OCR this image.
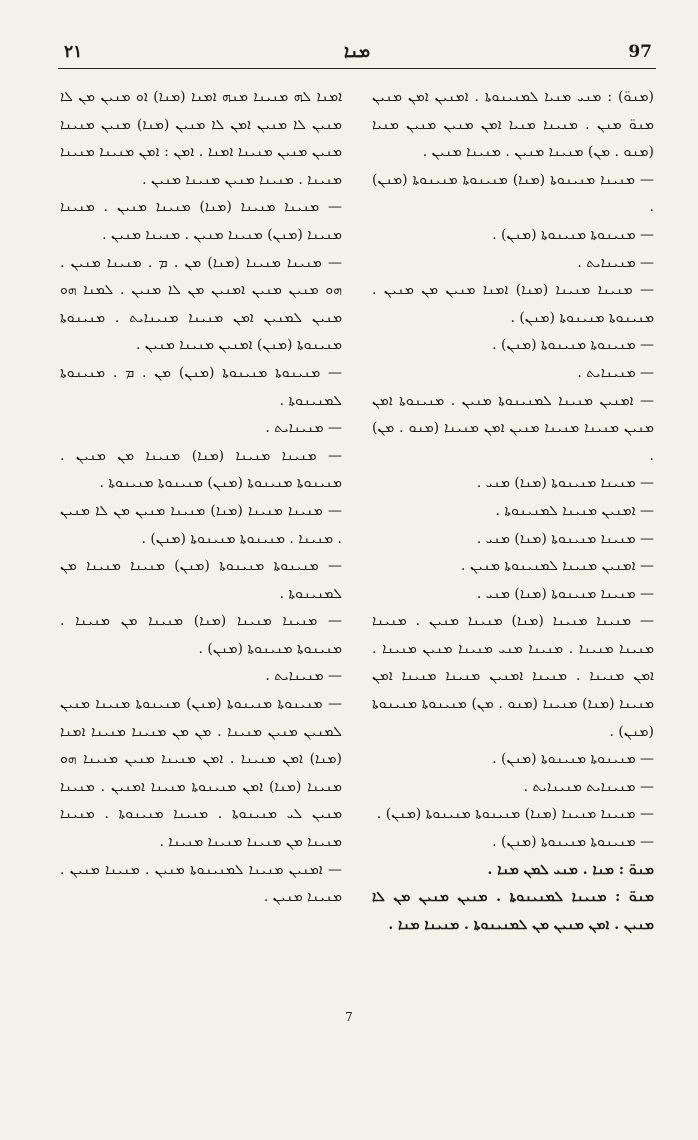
٢١	ܡܢܐ	97
(ܡܢܘ̈) : ܡܢܝ ܡܢܝܐ ܠܡܢܝܢܘܬܐ . ܐܡܢܝܢ ܐܡܢ ܡܢܝܢ ܡܢܘ̈ ܡܢܢ . ܡܢܝܢܐ ܡܢܝܐ ܐܡܢ ܡܢܝܢ ܡܢܝܢ ܡܢܝܐ (ܡܢܘ . ܡܢ) ܡܢܝܢܐ ܡܢܝܢ . ܡܢܝܢܐ ܡܢܝܢ .
— ܡܢܝܢܐ ܡܢܝܢܘܬܐ (ܡܢܐ) ܡܢܝܢܘܬܐ ܡܢܝܢܘܬܐ (ܡܢܢ) .
— ܡܢܝܢܘܬܐ ܡܢܝܢܘܬܐ (ܡܢܢ) .
— ܡܢܝܢܐܝܬ .
— ܡܢܝܢܐ ܡܢܝܢܐ (ܡܢܐ) ܐܡܢܐ ܡܢܝܢ ܡܢ ܡܢܝܢ . ܡܢܝܢܘܬܐ ܡܢܝܢܘܬܐ (ܡܢܢ) .
— ܡܢܝܢܘܬܐ ܡܢܝܢܘܬܐ (ܡܢܢ) .
— ܡܢܝܢܐܝܬ .
— ܐܡܢܝܢ ܡܢܝܢܐ ܠܡܢܝܢܘܬܐ ܡܢܝܢ . ܡܢܝܢܘܬܐ ܐܡܢ ܡܢܝܢ ܡܢܝܢܐ ܡܢܝܢܐ ܡܢܝܢ ܐܡܢ ܡܢܝܢܐ (ܡܢܘ . ܡܢ) .
— ܡܢܝܢܐ ܡܢܝܢܘܬܐ (ܡܢܐ) ܡܢܝ .
— ܐܡܢܝܢ ܡܢܝܢܐ ܠܡܢܝܢܘܬܐ .
— ܡܢܝܢܐ ܡܢܝܢܘܬܐ (ܡܢܐ) ܡܢܝ .
— ܐܡܢܝܢ ܡܢܝܢܐ ܠܡܢܝܢܘܬܐ ܡܢܝܢ .
— ܡܢܝܢܐ ܡܢܝܢܘܬܐ (ܡܢܐ) ܡܢܝ .
— ܡܢܝܢܐ ܡܢܝܢܐ (ܡܢܐ) ܡܢܝܢܐ ܡܢܝܢ . ܡܢܝܢܐ ܡܢܝܢܐ ܡܢܝܢܐ . ܡܢܝܢܐ ܡܢܝ ܡܢܝܢܐ ܡܢܝܢ ܡܢܝܢܐ . ܐܡܢ ܡܢܝܢܐ . ܡܢܝܢܐ ܐܡܢܝܢ ܡܢܝܢܐ ܡܢܝܢܐ ܐܡܢ ܡܢܝܢܐ (ܡܢܐ) ܡܢܝܢܐ (ܡܢܘ . ܡܢ) ܡܢܝܢܘܬܐ ܡܢܝܢܘܬܐ (ܡܢܢ) .
— ܡܢܝܢܘܬܐ ܡܢܝܢܘܬܐ (ܡܢܢ) .
— ܡܢܝܢܐܝܬ ܡܢܝܢܐܝܬ .
— ܡܢܝܢܐ ܡܢܝܢܐ (ܡܢܐ) ܡܢܝܢܘܬܐ ܡܢܝܢܘܬܐ (ܡܢܢ) .
— ܡܢܝܢܘܬܐ ܡܢܝܢܘܬܐ (ܡܢܢ) .
ܡܢܘ̈ : ܡܢܐ . ܡܢܝ ܠܡܢ ܡܢܐ .
ܡܢܘ̈ : ܡܢܝܢܐ ܠܡܢܝܢܘܬܐ . ܡܢܝܢ ܡܢܝܢ ܡܢ ܠܐ ܡܢܝܢ . ܐܡܢ ܡܢܝܢ ܡܢ ܠܡܢܝܢܘܬܐ . ܡܢܝܢܐ ܡܢܐ .
ܐܡܢܐ ܠܗ ܡܢܝܢܐ ܡܢܗ ܐܡܢܐ (ܡܢܐ) ܐܘ ܡܢܝܢ ܡܢ ܠܐ ܡܢܝܢ ܠܐ ܡܢܝܢ ܐܡܢ ܠܐ ܡܢܝܢ (ܡܢܐ) ܡܢܝܢ ܡܢܝܢܐ ܡܢܝܢ ܡܢܝܢ ܡܢܝܢܐ ܐܡܢܐ . ܐܡܢ : ܐܡܢ ܡܢܝܢܐ ܡܢܝܢܐ ܡܢܝܢܐ . ܡܢܝܢܐ ܡܢܝܢ ܡܢܝܢܐ ܡܢܝܢ .
— ܡܢܝܢܐ ܡܢܝܢܐ (ܡܢܐ) ܡܢܝܢܐ ܡܢܝܢ . ܡܢܝܢܐ ܡܢܝܢܐ (ܡܢܢ) ܡܢܝܢܐ ܡܢܝܢ . ܡܢܝܢܐ ܡܢܝܢ .
— ܡܢܝܢܐ ܡܢܝܢܐ (ܡܢܐ) ܡܢ . ܡ . ܡܢܝܢܐ ܡܢܝܢ . ܗܘ ܡܢܝܢ ܡܢܝܢ ܐܡܢܝܢ ܡܢ ܠܐ ܡܢܝܢ . ܠܡܢܐ ܗܘ ܡܢܝܢ ܠܡܢܝܢ ܐܡܢ ܡܢܝܢܐ ܡܢܝܢܐܝܬ . ܡܢܝܢܘܬܐ ܡܢܝܢܘܬܐ (ܡܢܢ) ܐܡܢܝܢ ܡܢܝܢܐ ܡܢܝܢ .
— ܡܢܝܢܘܬܐ ܡܢܝܢܘܬܐ (ܡܢܢ) ܡܢ . ܡ . ܡܢܝܢܘܬܐ ܠܡܢܝܢܘܬܐ .
— ܡܢܝܢܐܝܬ .
— ܡܢܝܢܐ ܡܢܝܢܐ (ܡܢܐ) ܡܢܝܢܐ ܡܢ ܡܢܝܢ . ܡܢܝܢܘܬܐ ܡܢܝܢܘܬܐ (ܡܢܢ) ܡܢܝܢܘܬܐ ܡܢܝܢܘܬܐ .
— ܡܢܝܢܐ ܡܢܝܢܐ (ܡܢܐ) ܡܢܝܢܐ ܡܢܝܢ ܡܢ ܠܐ ܡܢܝܢ . ܡܢܝܢܐ . ܡܢܝܢܘܬܐ ܡܢܝܢܘܬܐ (ܡܢܢ) .
— ܡܢܝܢܘܬܐ ܡܢܝܢܘܬܐ (ܡܢܢ) ܡܢܝܢܐ ܡܢܝܢܐ ܡܢ ܠܡܢܝܢܘܬܐ .
— ܡܢܝܢܐ ܡܢܝܢܐ (ܡܢܐ) ܡܢܝܢܐ ܡܢ ܡܢܝܢܐ . ܡܢܝܢܘܬܐ ܡܢܝܢܘܬܐ (ܡܢܢ) .
— ܡܢܝܢܐܝܬ .
— ܡܢܝܢܘܬܐ ܡܢܝܢܘܬܐ (ܡܢܢ) ܡܢܝܢܘܬܐ ܡܢܝܢܐ ܡܢܝܢ ܠܡܢܝܢ ܡܢܝܢ ܡܢܝܢܐ . ܡܢ ܡܢ ܡܢܝܢܐ ܡܢܝܢܐ ܐܡܢܐ (ܡܢܐ) ܐܡܢ ܡܢܝܢܐ . ܐܡܢ ܡܢܝܢܐ ܡܢܝܢ ܡܢܝܢܐ ܗܘ ܡܢܝܢܐ (ܡܢܐ) ܐܡܢ ܡܢܝܢܘܬܐ ܡܢܝܢܐ ܐܡܢܝܢ . ܡܢܝܢܐ ܡܢܝܢ ܠܝ ܡܢܝܢܘܬܐ . ܡܢܝܢܐ ܡܢܝܢܘܬܐ . ܡܢܝܢܐ ܡܢܝܢܐ ܡܢ ܡܢܝܢܐ ܡܢܝܢܐ ܡܢܝܢܐ .
— ܐܡܢܝܢ ܡܢܝܢܐ ܠܡܢܝܢܘܬܐ ܡܢܝܢ . ܡܢܝܢܐ ܡܢܝܢ . ܡܢܝܢܐ ܡܢܝܢ .
7
